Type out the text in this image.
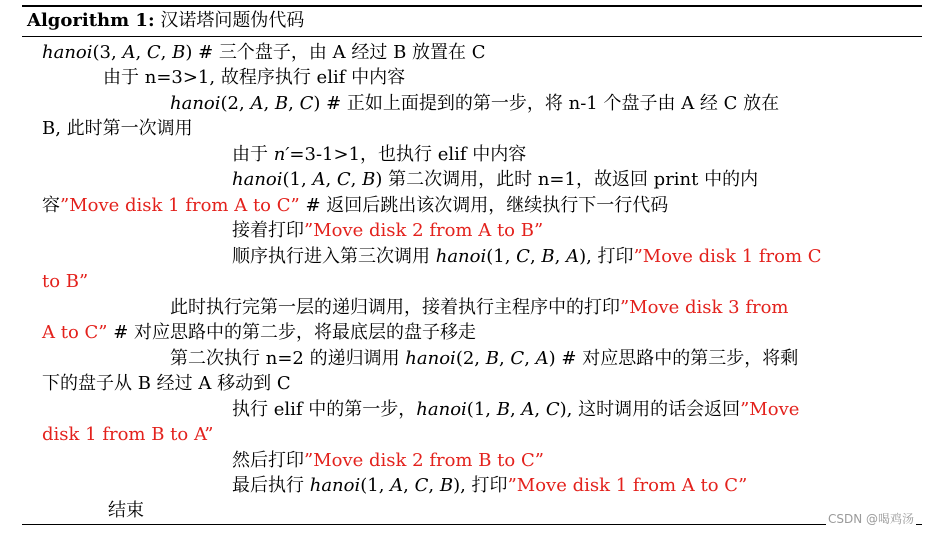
Algorithm 1: 汉诺塔问题伪代码
hanoi(3, A, C, B) # 三个盘子，由 A 经过 B 放置在 C
由于 n=3>1, 故程序执行 elif 中内容
hanoi(2, A, B, C) # 正如上面提到的第一步，将 n-1 个盘子由 A 经 C 放在
B, 此时第一次调用
由于 n′=3-1>1，也执行 elif 中内容
hanoi(1, A, C, B) 第二次调用，此时 n=1，故返回 print 中的内
容”Move disk 1 from A to C” # 返回后跳出该次调用，继续执行下一行代码
接着打印”Move disk 2 from A to B”
顺序执行进入第三次调用 hanoi(1, C, B, A), 打印”Move disk 1 from C
to B”
此时执行完第一层的递归调用，接着执行主程序中的打印”Move disk 3 from
A to C” # 对应思路中的第二步，将最底层的盘子移走
第二次执行 n=2 的递归调用 hanoi(2, B, C, A) # 对应思路中的第三步，将剩
下的盘子从 B 经过 A 移动到 C
执行 elif 中的第一步，hanoi(1, B, A, C), 这时调用的话会返回”Move
disk 1 from B to A”
然后打印”Move disk 2 from B to C”
最后执行 hanoi(1, A, C, B), 打印”Move disk 1 from A to C”
结束	CSDN @喝鸡汤
